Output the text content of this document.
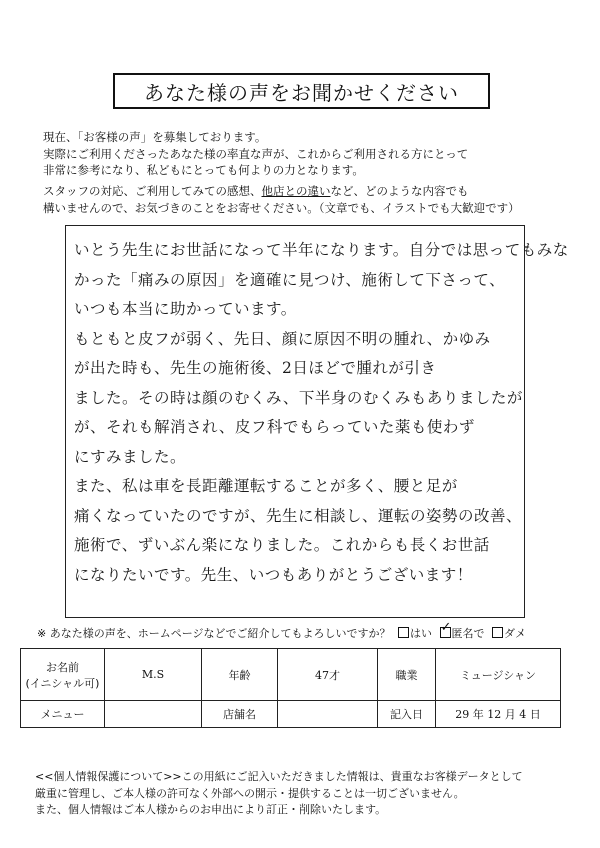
あなた様の声をお聞かせください
現在、「お客様の声」を募集しております。
実際にご利用くださったあなた様の率直な声が、これからご利用される方にとって
非常に参考になり、私どもにとっても何よりの力となります。
スタッフの対応、ご利用してみての感想、他店との違いなど、どのような内容でも
構いませんので、お気づきのことをお寄せください。（文章でも、イラストでも大歓迎です）
いとう先生にお世話になって半年になります。自分では思ってもみな
かった「痛みの原因」を適確に見つけ、施術して下さって、
いつも本当に助かっています。
もともと皮フが弱く、先日、顔に原因不明の腫れ、かゆみ
が出た時も、先生の施術後、2日ほどで腫れが引き
ました。その時は顔のむくみ、下半身のむくみもありましたが
が、それも解消され、皮フ科でもらっていた薬も使わず
にすみました。
また、私は車を長距離運転することが多く、腰と足が
痛くなっていたのですが、先生に相談し、運転の姿勢の改善、
施術で、ずいぶん楽になりました。これからも長くお世話
になりたいです。先生、いつもありがとうございます！
※ あなた様の声を、ホームページなどでご紹介してもよろしいですか？ はい ✓ 匿名で ダメ
お名前
(イニシャル可)	M.S	年齢	47才	職業	ミュージシャン
メニュー		店舗名		記入日	29 年 12 月 4 日
<<個人情報保護について>>この用紙にご記入いただきました情報は、貴重なお客様データとして
厳重に管理し、ご本人様の許可なく外部への開示・提供することは一切ございません。
また、個人情報はご本人様からのお申出により訂正・削除いたします。
